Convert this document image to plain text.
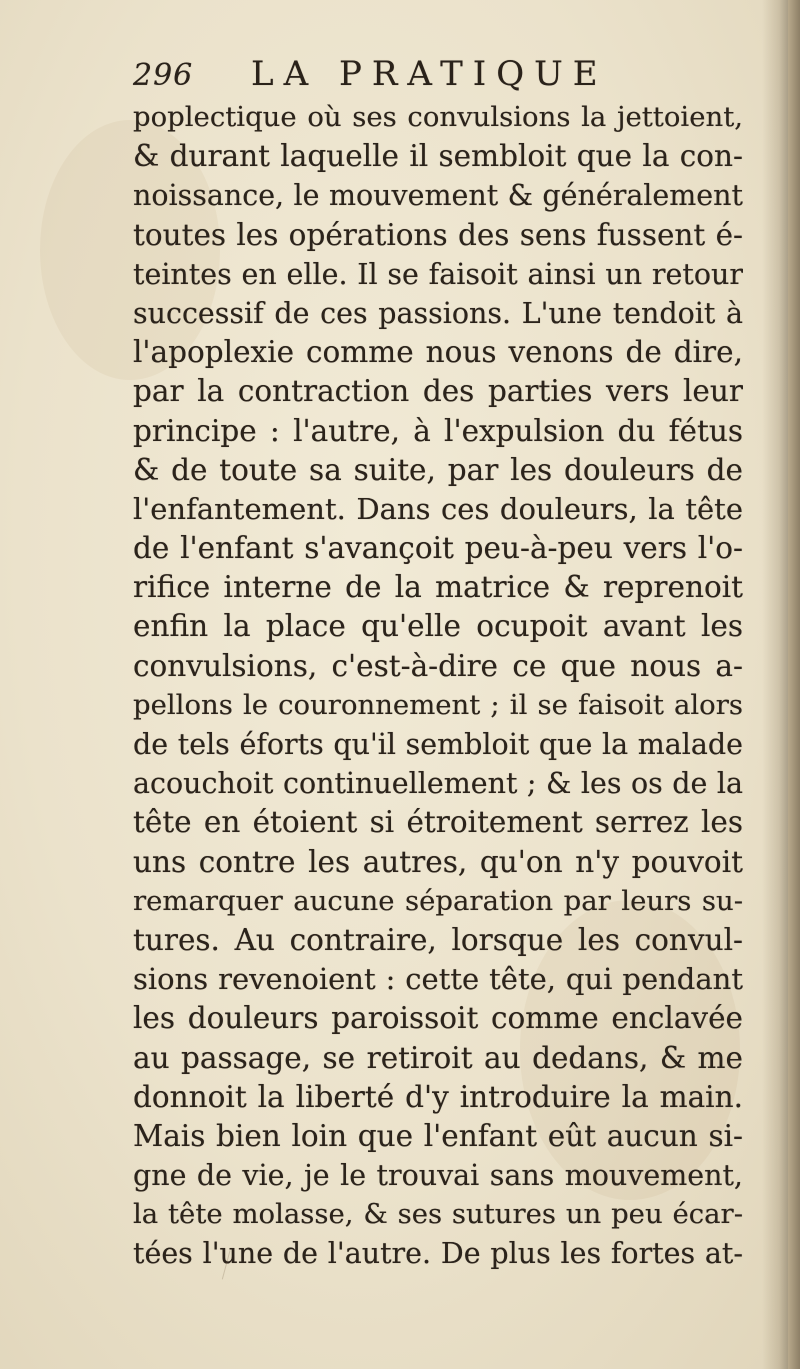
296 LA PRATIQUE
poplectique où ses convulsions la jettoient,
& durant laquelle il sembloit que la con-
noissance, le mouvement & généralement
toutes les opérations des sens fussent é-
teintes en elle. Il se faisoit ainsi un retour
successif de ces passions. L'une tendoit à
l'apoplexie comme nous venons de dire,
par la contraction des parties vers leur
principe : l'autre, à l'expulsion du fétus
& de toute sa suite, par les douleurs de
l'enfantement. Dans ces douleurs, la tête
de l'enfant s'avançoit peu-à-peu vers l'o-
rifice interne de la matrice & reprenoit
enfin la place qu'elle ocupoit avant les
convulsions, c'est-à-dire ce que nous a-
pellons le couronnement ; il se faisoit alors
de tels éforts qu'il sembloit que la malade
acouchoit continuellement ; & les os de la
tête en étoient si étroitement serrez les
uns contre les autres, qu'on n'y pouvoit
remarquer aucune séparation par leurs su-
tures. Au contraire, lorsque les convul-
sions revenoient : cette tête, qui pendant
les douleurs paroissoit comme enclavée
au passage, se retiroit au dedans, & me
donnoit la liberté d'y introduire la main.
Mais bien loin que l'enfant eût aucun si-
gne de vie, je le trouvai sans mouvement,
la tête molasse, & ses sutures un peu écar-
tées l'une de l'autre. De plus les fortes at-
